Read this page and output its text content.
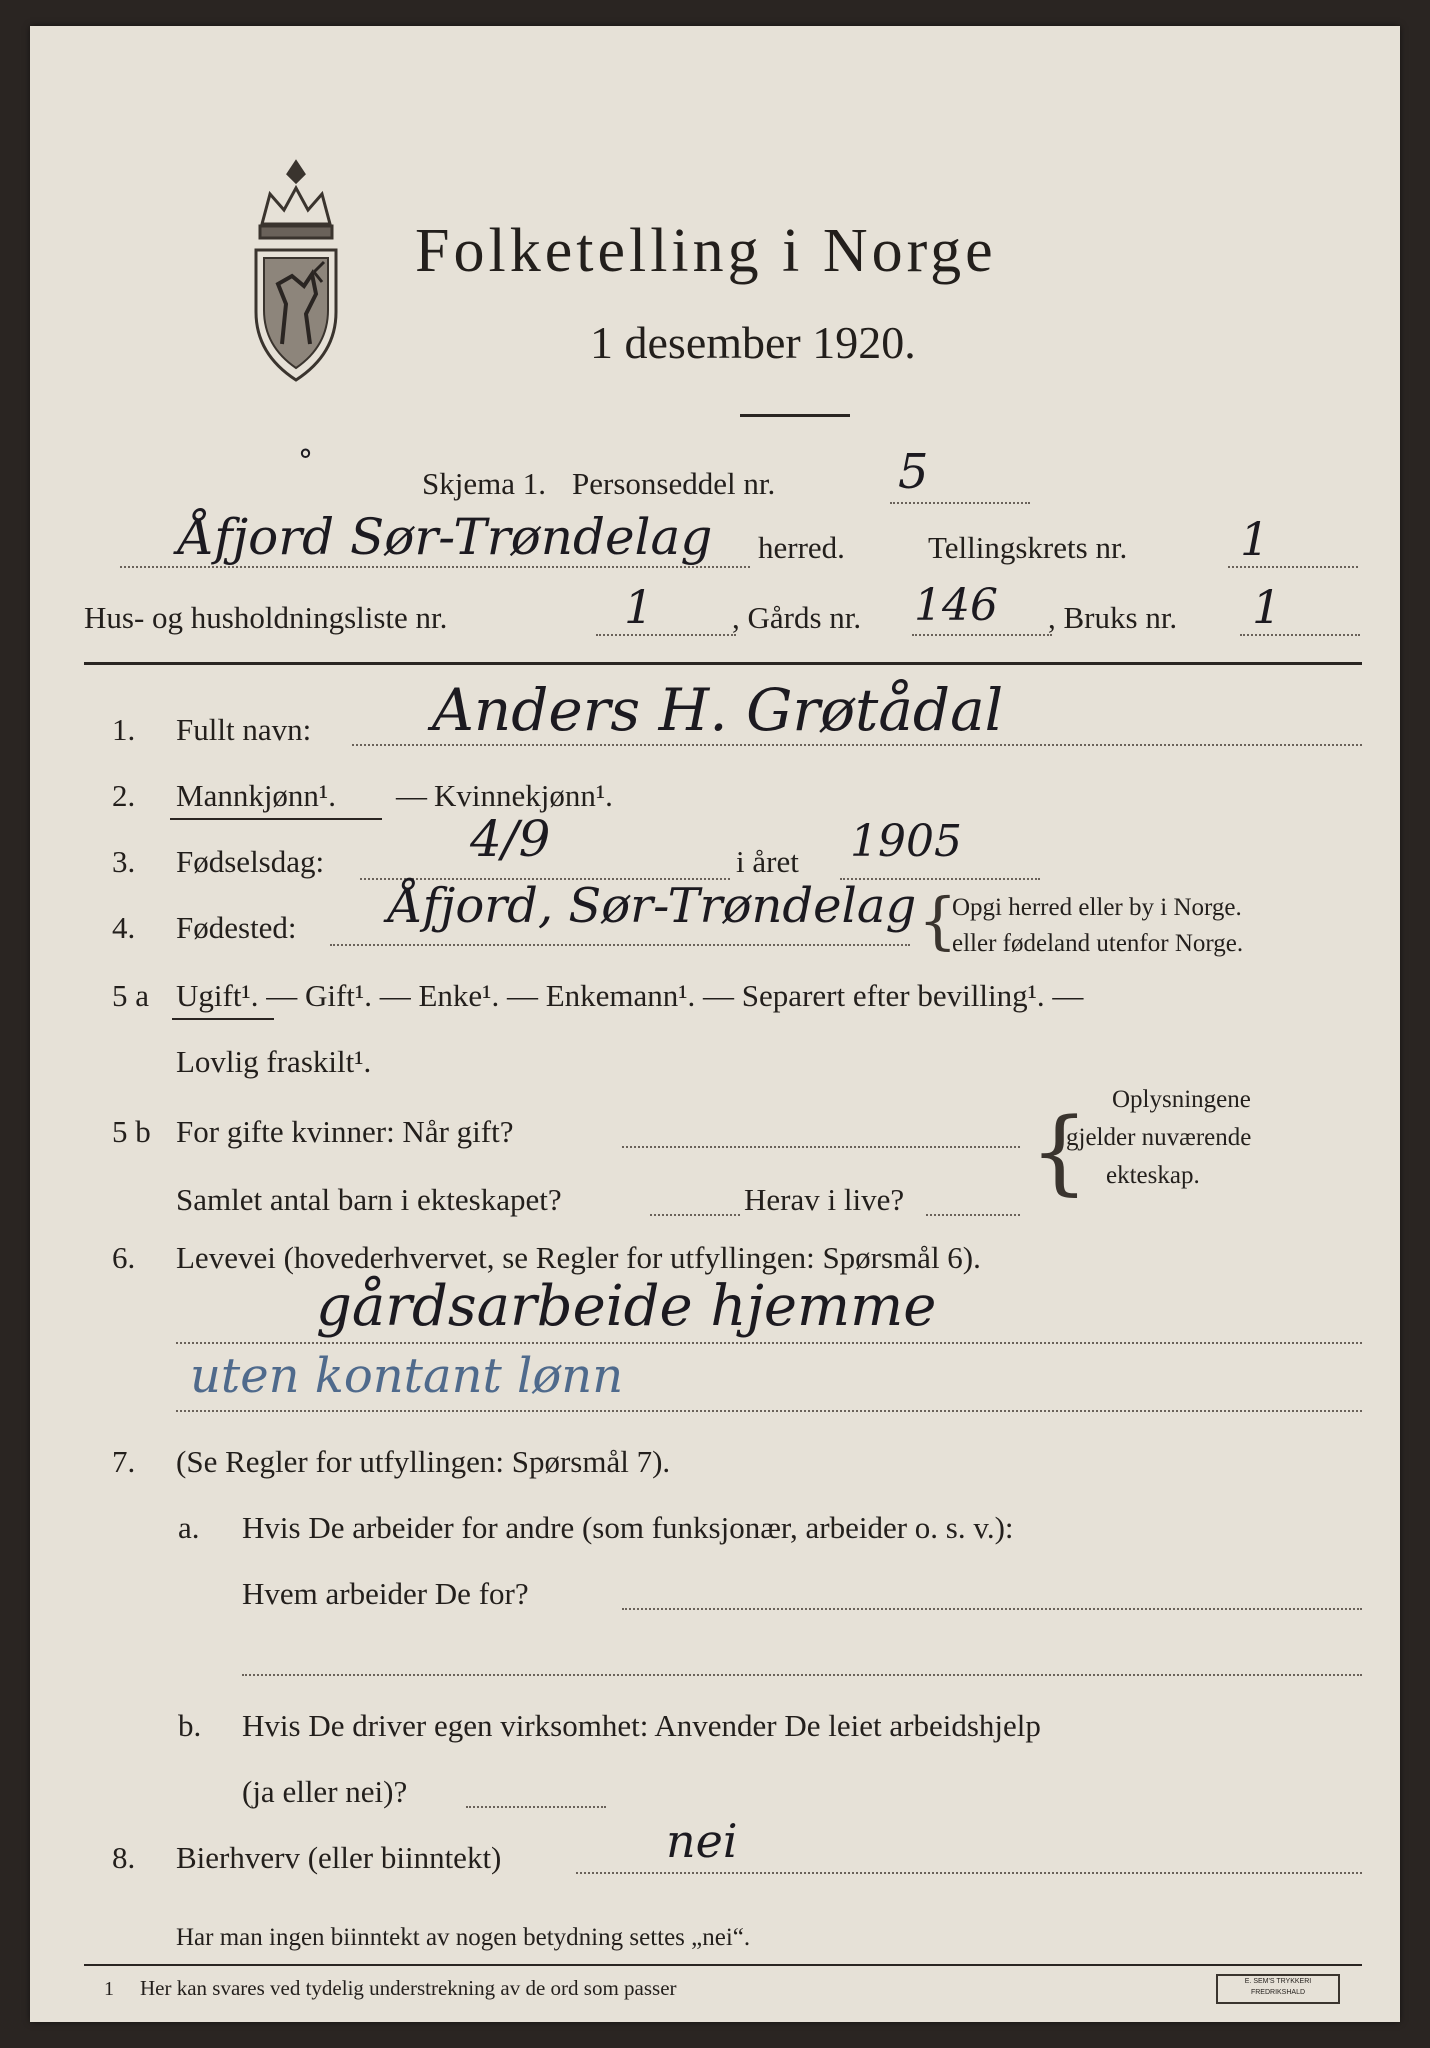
Folketelling i Norge
1 desember 1920.
°
Skjema 1. Personseddel nr.	5
Åfjord Sør-Trøndelag herred.	Tellingskrets nr. 1
Hus- og husholdningsliste nr.	1	, Gårds nr. 146 , Bruks nr. 1
1. Fullt navn: Anders H. Grøtådal
2. Mannkjønn¹. — Kvinnekjønn¹.
3. Fødselsdag:	4/9	i året 1905
4. Fødested: Åfjord, Sør-Trøndelag {
Opgi herred eller by i Norge.
eller fødeland utenfor Norge.
5 a Ugift¹. — Gift¹. — Enke¹. — Enkemann¹. — Separert efter bevilling¹. —
Lovlig fraskilt¹.
5 b For gifte kvinner: Når gift?
Samlet antal barn i ekteskapet?	Herav i live? { Oplysningene
gjelder nuværende
ekteskap.
6. Levevei (hovederhvervet, se Regler for utfyllingen: Spørsmål 6).
gårdsarbeide hjemme
uten kontant lønn
7. (Se Regler for utfyllingen: Spørsmål 7).
a. Hvis De arbeider for andre (som funksjonær, arbeider o. s. v.):
Hvem arbeider De for?
b. Hvis De driver egen virksomhet: Anvender De leiet arbeidshjelp
(ja eller nei)?
8. Bierhverv (eller biinntekt)	nei
Har man ingen biinntekt av nogen betydning settes „nei“.
1 Her kan svares ved tydelig understrekning av de ord som passer	E. SEM'S TRYKKERI FREDRIKSHALD
